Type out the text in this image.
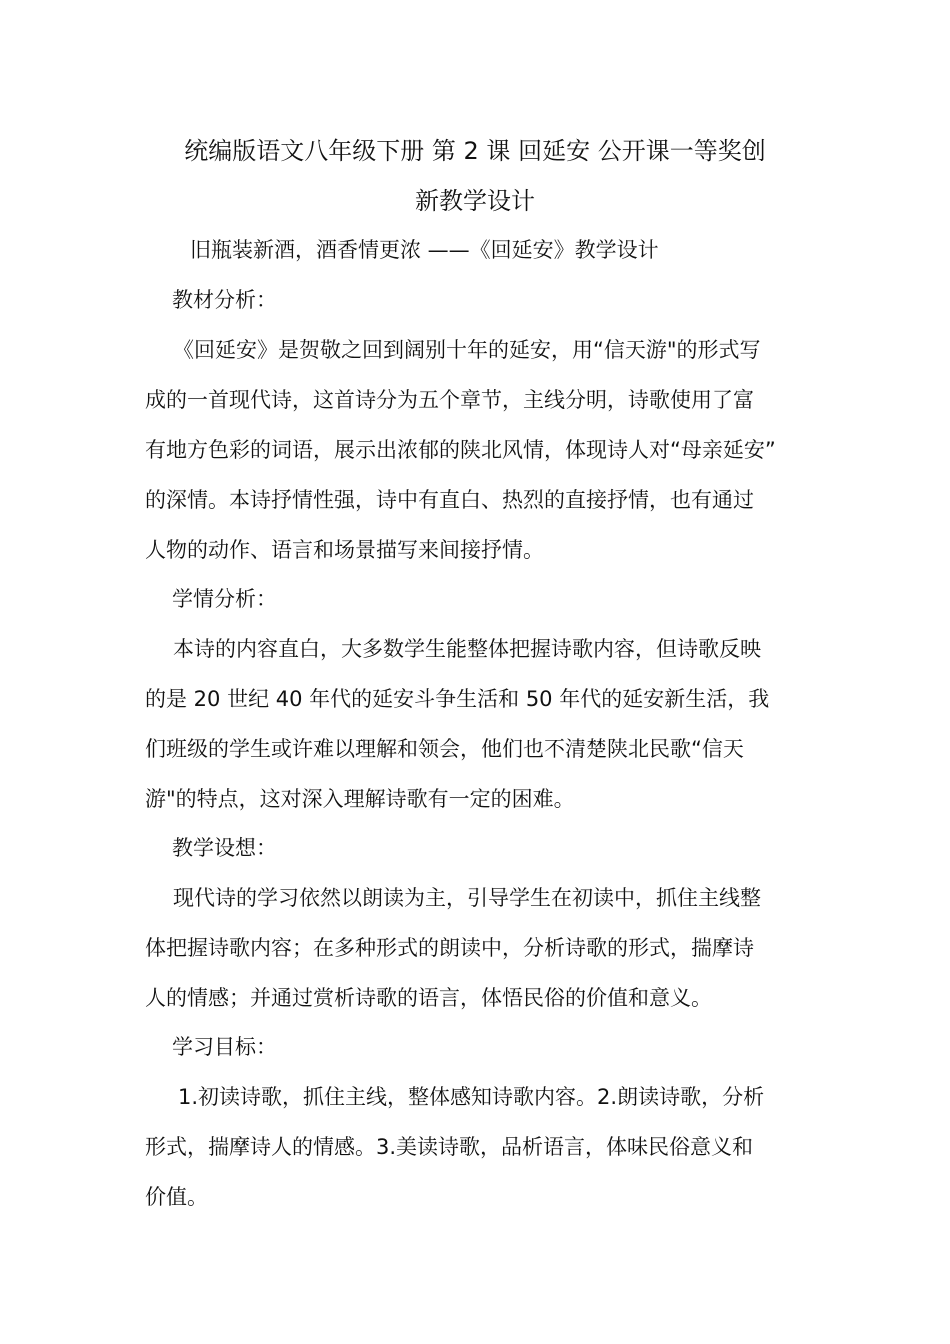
统编版语文八年级下册 第 2 课 回延安 公开课一等奖创
新教学设计

旧瓶装新酒，酒香情更浓 ——《回延安》教学设计

教材分析：

《回延安》是贺敬之回到阔别十年的延安，用“信天游"的形式写
成的一首现代诗，这首诗分为五个章节，主线分明，诗歌使用了富
有地方色彩的词语，展示出浓郁的陕北风情，体现诗人对“母亲延安”
的深情。本诗抒情性强，诗中有直白、热烈的直接抒情，也有通过
人物的动作、语言和场景描写来间接抒情。

学情分析：

本诗的内容直白，大多数学生能整体把握诗歌内容，但诗歌反映
的是 20 世纪 40 年代的延安斗争生活和 50 年代的延安新生活，我
们班级的学生或许难以理解和领会，他们也不清楚陕北民歌“信天
游"的特点，这对深入理解诗歌有一定的困难。

教学设想：

现代诗的学习依然以朗读为主，引导学生在初读中，抓住主线整
体把握诗歌内容；在多种形式的朗读中，分析诗歌的形式，揣摩诗
人的情感；并通过赏析诗歌的语言，体悟民俗的价值和意义。

学习目标：

1.初读诗歌，抓住主线，整体感知诗歌内容。2.朗读诗歌，分析
形式，揣摩诗人的情感。3.美读诗歌，品析语言，体味民俗意义和
价值。
